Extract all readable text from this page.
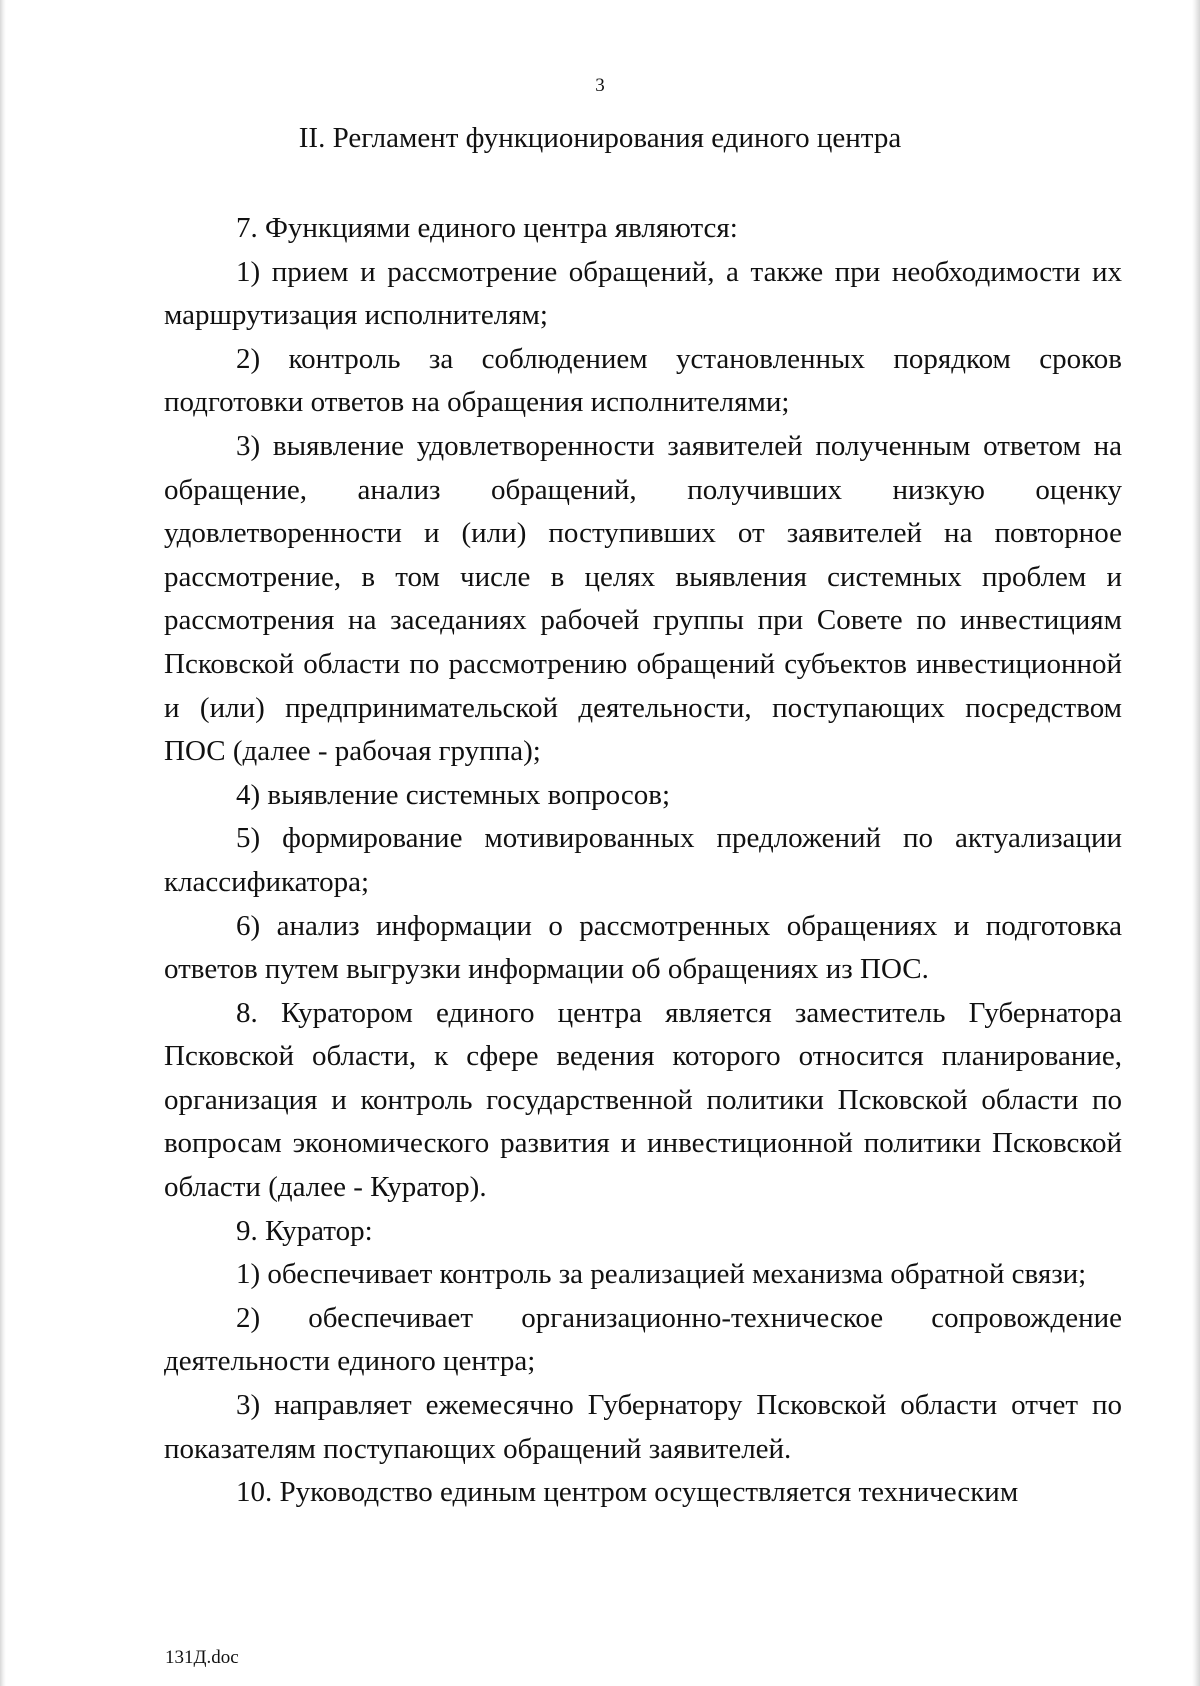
3
II. Регламент функционирования единого центра

7. Функциями единого центра являются:

1) прием и рассмотрение обращений, а также при необходимости их маршрутизация исполнителям;

2) контроль за соблюдением установленных порядком сроков подготовки ответов на обращения исполнителями;

3) выявление удовлетворенности заявителей полученным ответом на обращение, анализ обращений, получивших низкую оценку удовлетворенности и (или) поступивших от заявителей на повторное рассмотрение, в том числе в целях выявления системных проблем и рассмотрения на заседаниях рабочей группы при Совете по инвестициям Псковской области по рассмотрению обращений субъектов инвестиционной и (или) предпринимательской деятельности, поступающих посредством ПОС (далее - рабочая группа);

4) выявление системных вопросов;

5) формирование мотивированных предложений по актуализации классификатора;

6) анализ информации о рассмотренных обращениях и подготовка ответов путем выгрузки информации об обращениях из ПОС.

8. Куратором единого центра является заместитель Губернатора Псковской области, к сфере ведения которого относится планирование, организация и контроль государственной политики Псковской области по вопросам экономического развития и инвестиционной политики Псковской области (далее - Куратор).

9. Куратор:

1) обеспечивает контроль за реализацией механизма обратной связи;

2) обеспечивает организационно-техническое сопровождение деятельности единого центра;

3) направляет ежемесячно Губернатору Псковской области отчет по показателям поступающих обращений заявителей.

10. Руководство единым центром осуществляется техническим

131Д.doc
